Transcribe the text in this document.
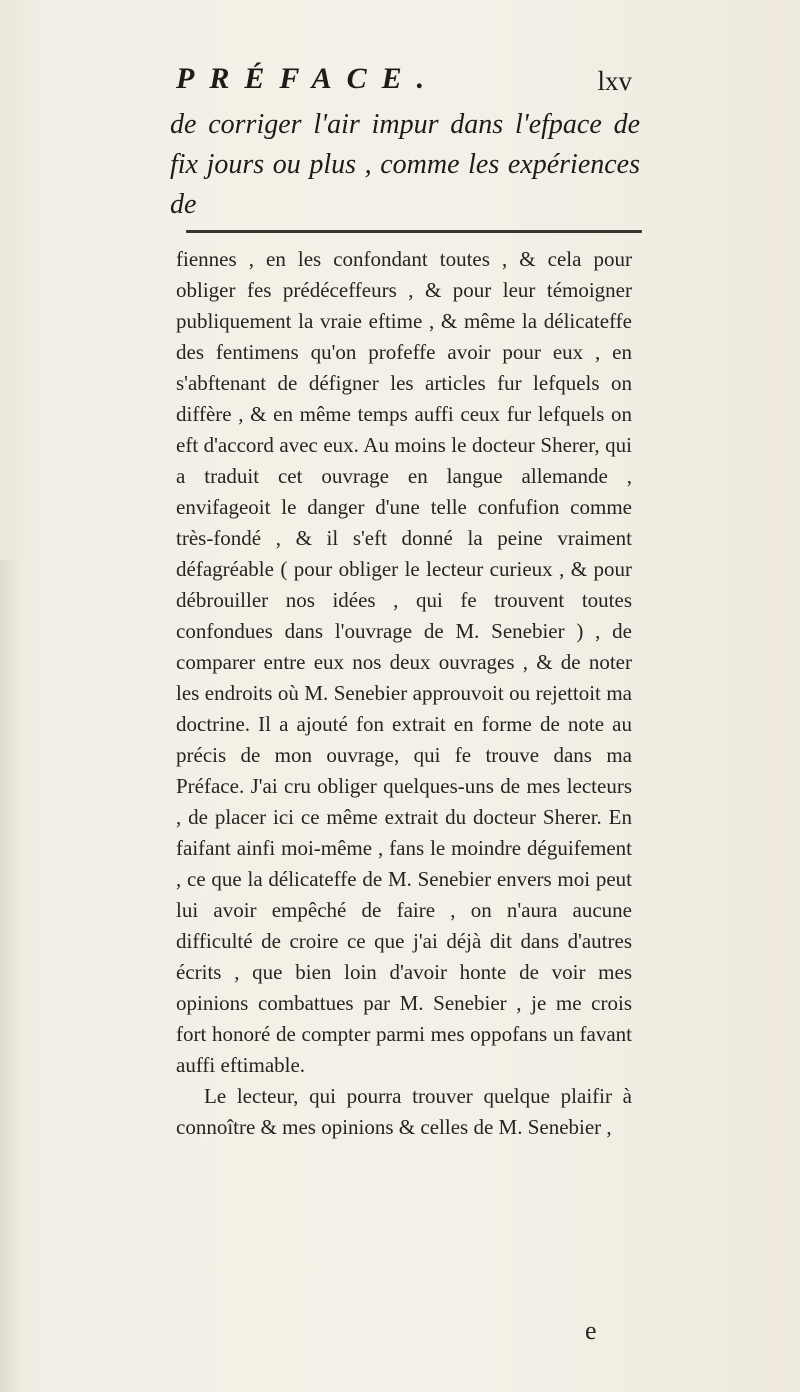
PRÉFACE.	lxv
de corriger l'air impur dans l'efpace de fix jours ou plus , comme les expériences de

fiennes , en les confondant toutes , & cela pour obliger fes prédéceffeurs , & pour leur témoigner publiquement la vraie eftime , & même la délicateffe des fentimens qu'on profeffe avoir pour eux , en s'abftenant de défigner les articles fur lefquels on diffère , & en même temps auffi ceux fur lefquels on eft d'accord avec eux. Au moins le docteur Sherer, qui a traduit cet ouvrage en langue allemande , envifageoit le danger d'une telle confufion comme très-fondé , & il s'eft donné la peine vraiment défagréable ( pour obliger le lecteur curieux , & pour débrouiller nos idées , qui fe trouvent toutes confondues dans l'ouvrage de M. Senebier ) , de comparer entre eux nos deux ouvrages , & de noter les endroits où M. Senebier approuvoit ou rejettoit ma doctrine. Il a ajouté fon extrait en forme de note au précis de mon ouvrage, qui fe trouve dans ma Préface. J'ai cru obliger quelques-uns de mes lecteurs , de placer ici ce même extrait du docteur Sherer. En faifant ainfi moi-même , fans le moindre déguifement , ce que la délicateffe de M. Senebier envers moi peut lui avoir empêché de faire , on n'aura aucune difficulté de croire ce que j'ai déjà dit dans d'autres écrits , que bien loin d'avoir honte de voir mes opinions combattues par M. Senebier , je me crois fort honoré de compter parmi mes oppofans un favant auffi eftimable.

Le lecteur, qui pourra trouver quelque plaifir à connoître & mes opinions & celles de M. Senebier ,

e
